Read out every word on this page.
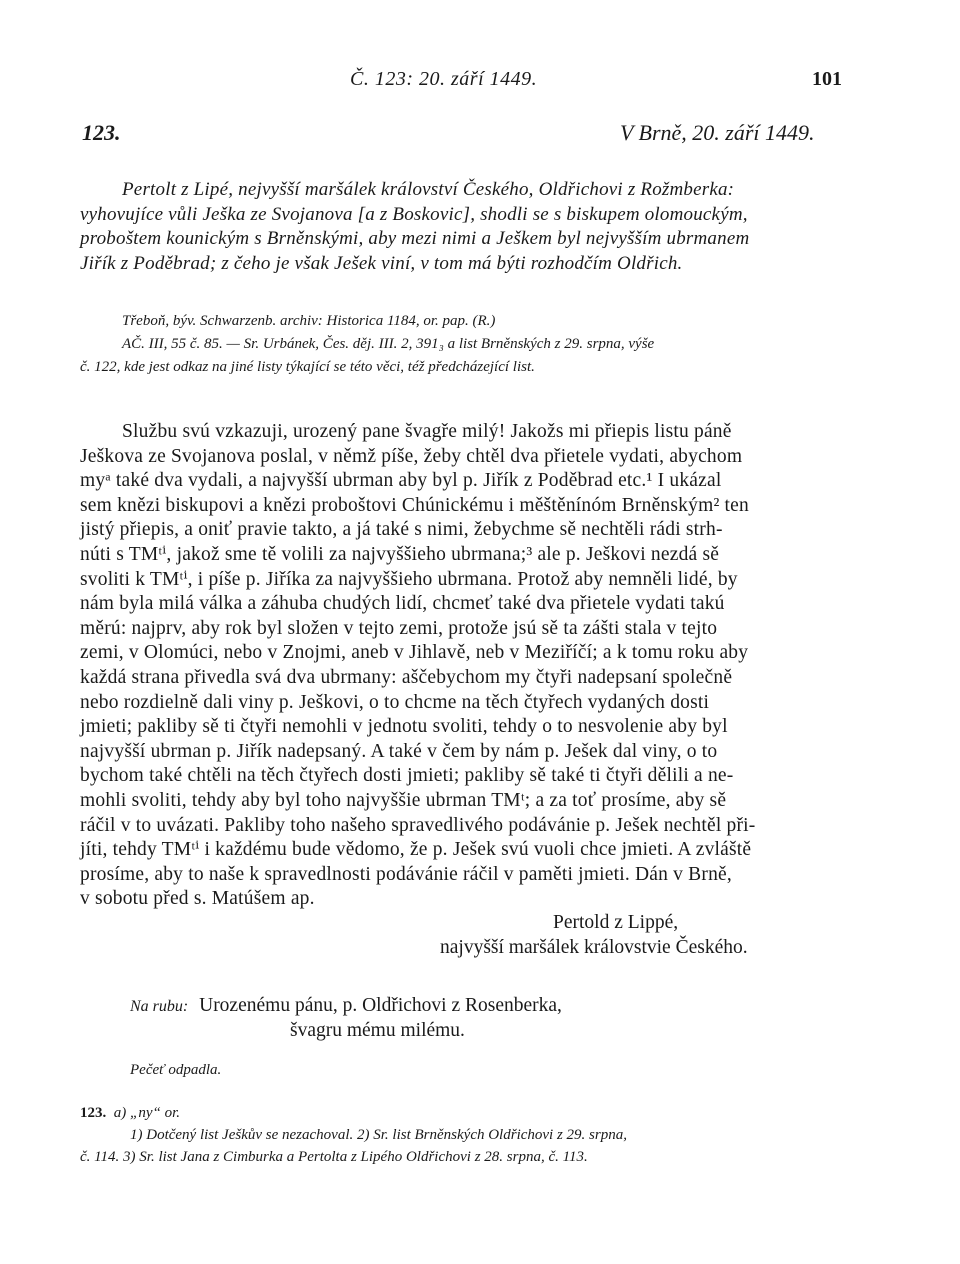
Č. 123: 20. září 1449.	101
123.	V Brně, 20. září 1449.
Pertolt z Lipé, nejvyšší maršálek království Českého, Oldřichovi z Rožmberka:
vyhovujíce vůli Ješka ze Svojanova [a z Boskovic], shodli se s biskupem olomouckým,
proboštem kounickým s Brněnskými, aby mezi nimi a Ješkem byl nejvyšším ubrmanem
Jiřík z Poděbrad; z čeho je však Ješek viní, v tom má býti rozhodčím Oldřich.
Třeboň, býv. Schwarzenb. archiv: Historica 1184, or. pap. (R.)
AČ. III, 55 č. 85. — Sr. Urbánek, Čes. děj. III. 2, 391₃ a list Brněnských z 29. srpna, výše
č. 122, kde jest odkaz na jiné listy týkající se této věci, též předcházející list.
Službu svú vzkazuji, urozený pane švagře milý! Jakožs mi přiepis listu páně
Ješkova ze Svojanova poslal, v němž píše, žeby chtěl dva přietele vydati, abychom
myᵃ také dva vydali, a najvyšší ubrman aby byl p. Jiřík z Poděbrad etc.¹ I ukázal
sem knězi biskupovi a knězi proboštovi Chúnickému i měštěnínóm Brněnským² ten
jistý přiepis, a oniť pravie takto, a já také s nimi, žebychme sě nechtěli rádi strh-
núti s TMᵗⁱ, jakož sme tě volili za najvyššieho ubrmana;³ ale p. Ješkovi nezdá sě
svoliti k TMᵗⁱ, i píše p. Jiříka za najvyššieho ubrmana. Protož aby nemněli lidé, by
nám byla milá válka a záhuba chudých lidí, chcmeť také dva přietele vydati takú
měrú: najprv, aby rok byl složen v tejto zemi, protože jsú sě ta zášti stala v tejto
zemi, v Olomúci, nebo v Znojmi, aneb v Jihlavě, neb v Meziříčí; a k tomu roku aby
každá strana přivedla svá dva ubrmany: aščebychom my čtyři nadepsaní společně
nebo rozdielně dali viny p. Ješkovi, o to chcme na těch čtyřech vydaných dosti
jmieti; pakliby sě ti čtyři nemohli v jednotu svoliti, tehdy o to nesvolenie aby byl
najvyšší ubrman p. Jiřík nadepsaný. A také v čem by nám p. Ješek dal viny, o to
bychom také chtěli na těch čtyřech dosti jmieti; pakliby sě také ti čtyři dělili a ne-
mohli svoliti, tehdy aby byl toho najvyššie ubrman TMᵗ; a za toť prosíme, aby sě
ráčil v to uvázati. Pakliby toho našeho spravedlivého podávánie p. Ješek nechtěl při-
jíti, tehdy TMᵗⁱ i každému bude vědomo, že p. Ješek svú vuoli chce jmieti. A zvláště
prosíme, aby to naše k spravedlnosti podávánie ráčil v paměti jmieti. Dán v Brně,
v sobotu před s. Matúšem ap.
Pertold z Lippé,
najvyšší maršálek královstvie Českého.
Na rubu: Urozenému pánu, p. Oldřichovi z Rosenberka,
švagru mému milému.
Pečeť odpadla.
123. a) „ny“ or.
1) Dotčený list Ješkův se nezachoval. 2) Sr. list Brněnských Oldřichovi z 29. srpna,
č. 114. 3) Sr. list Jana z Cimburka a Pertolta z Lipého Oldřichovi z 28. srpna, č. 113.
